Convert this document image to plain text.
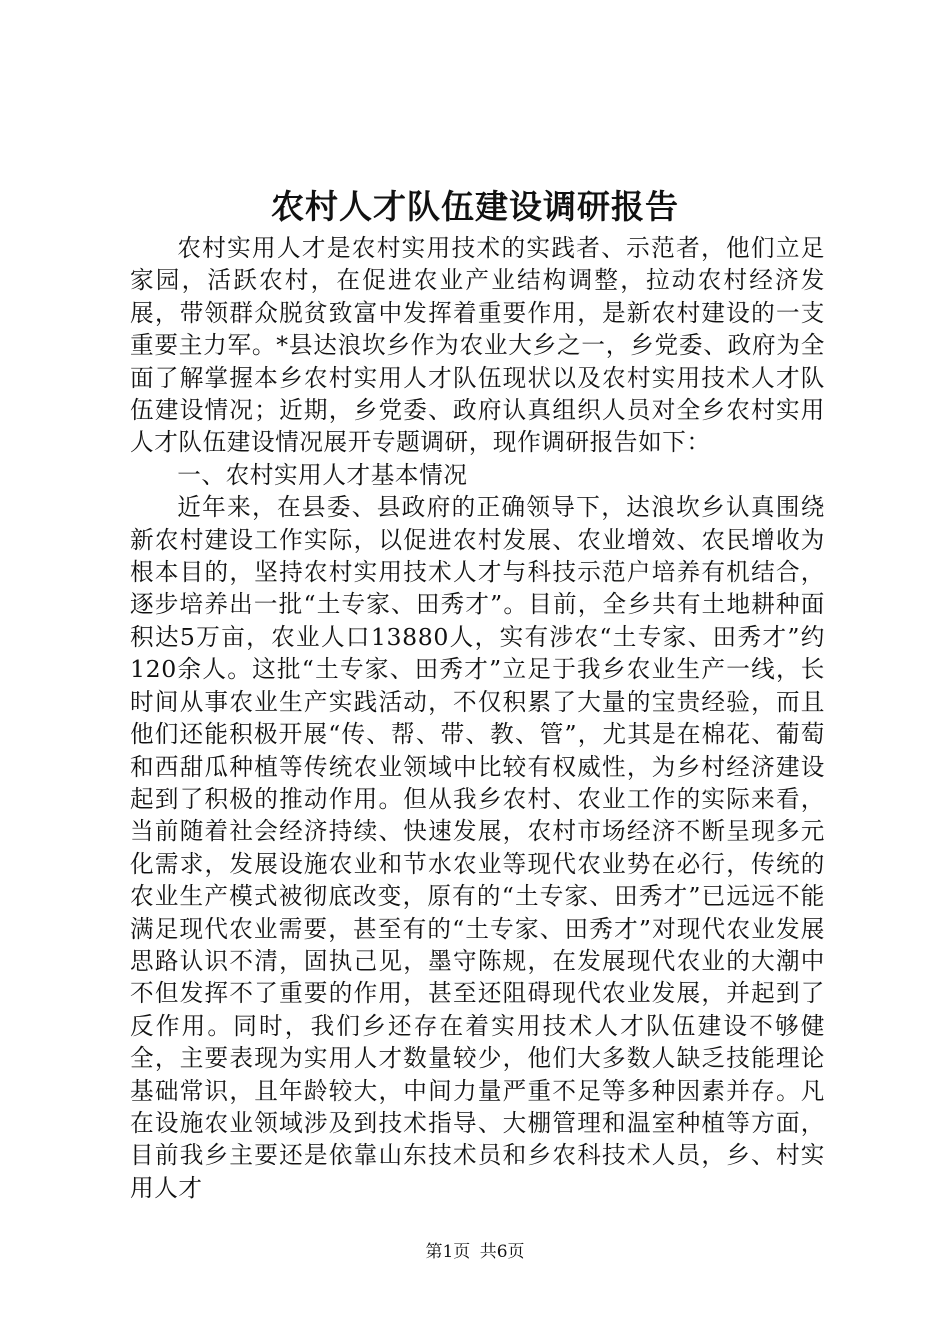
农村人才队伍建设调研报告

农村实用人才是农村实用技术的实践者、示范者，他们立足家园，活跃农村，在促进农业产业结构调整，拉动农村经济发展，带领群众脱贫致富中发挥着重要作用，是新农村建设的一支重要主力军。*县达浪坎乡作为农业大乡之一，乡党委、政府为全面了解掌握本乡农村实用人才队伍现状以及农村实用技术人才队伍建设情况；近期，乡党委、政府认真组织人员对全乡农村实用人才队伍建设情况展开专题调研，现作调研报告如下：

一、农村实用人才基本情况

近年来，在县委、县政府的正确领导下，达浪坎乡认真围绕新农村建设工作实际，以促进农村发展、农业增效、农民增收为根本目的，坚持农村实用技术人才与科技示范户培养有机结合，逐步培养出一批“土专家、田秀才”。目前，全乡共有土地耕种面积达5万亩，农业人口13880人，实有涉农“土专家、田秀才”约120余人。这批“土专家、田秀才”立足于我乡农业生产一线，长时间从事农业生产实践活动，不仅积累了大量的宝贵经验，而且他们还能积极开展“传、帮、带、教、管”，尤其是在棉花、葡萄和西甜瓜种植等传统农业领域中比较有权威性，为乡村经济建设起到了积极的推动作用。但从我乡农村、农业工作的实际来看，当前随着社会经济持续、快速发展，农村市场经济不断呈现多元化需求，发展设施农业和节水农业等现代农业势在必行，传统的农业生产模式被彻底改变，原有的“土专家、田秀才”已远远不能满足现代农业需要，甚至有的“土专家、田秀才”对现代农业发展思路认识不清，固执己见，墨守陈规，在发展现代农业的大潮中不但发挥不了重要的作用，甚至还阻碍现代农业发展，并起到了反作用。同时，我们乡还存在着实用技术人才队伍建设不够健全，主要表现为实用人才数量较少，他们大多数人缺乏技能理论基础常识，且年龄较大，中间力量严重不足等多种因素并存。凡在设施农业领域涉及到技术指导、大棚管理和温室种植等方面，目前我乡主要还是依靠山东技术员和乡农科技术人员，乡、村实用人才

第1页 共6页
